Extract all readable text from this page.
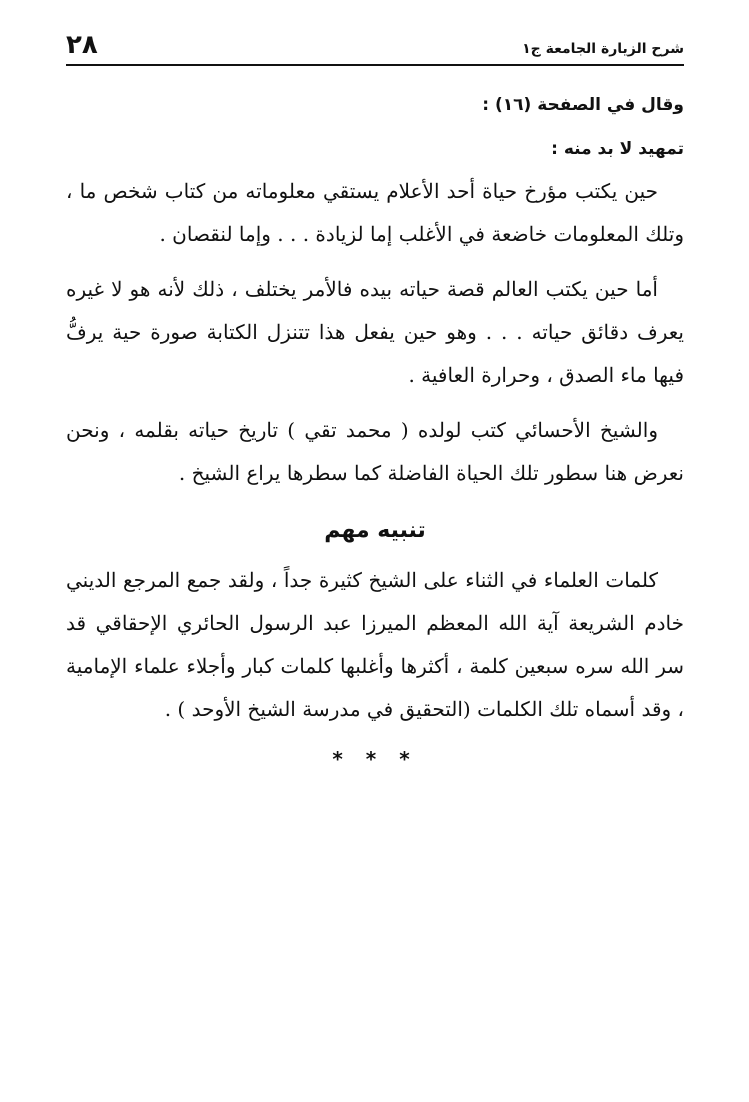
شرح الزيارة الجامعة ج١
٢٨
وقال في الصفحة (١٦) :
تمهيد لا بد منه :

حين يكتب مؤرخ حياة أحد الأعلام يستقي معلوماته من كتاب شخص ما ، وتلك المعلومات خاضعة في الأغلب إما لزيادة . . . وإما لنقصان .

أما حين يكتب العالم قصة حياته بيده فالأمر يختلف ، ذلك لأنه هو لا غيره يعرف دقائق حياته . . . وهو حين يفعل هذا تتنزل الكتابة صورة حية يرفُّ فيها ماء الصدق ، وحرارة العافية .

والشيخ الأحسائي كتب لولده ( محمد تقي ) تاريخ حياته بقلمه ، ونحن نعرض هنا سطور تلك الحياة الفاضلة كما سطرها يراع الشيخ .

تنبيه مهم

كلمات العلماء في الثناء على الشيخ كثيرة جداً ، ولقد جمع المرجع الديني خادم الشريعة آية الله المعظم الميرزا عبد الرسول الحائري الإحقاقي قد سر الله سره سبعين كلمة ، أكثرها وأغلبها كلمات كبار وأجلاء علماء الإمامية ، وقد أسماه تلك الكلمات (التحقيق في مدرسة الشيخ الأوحد ) .

* * *
